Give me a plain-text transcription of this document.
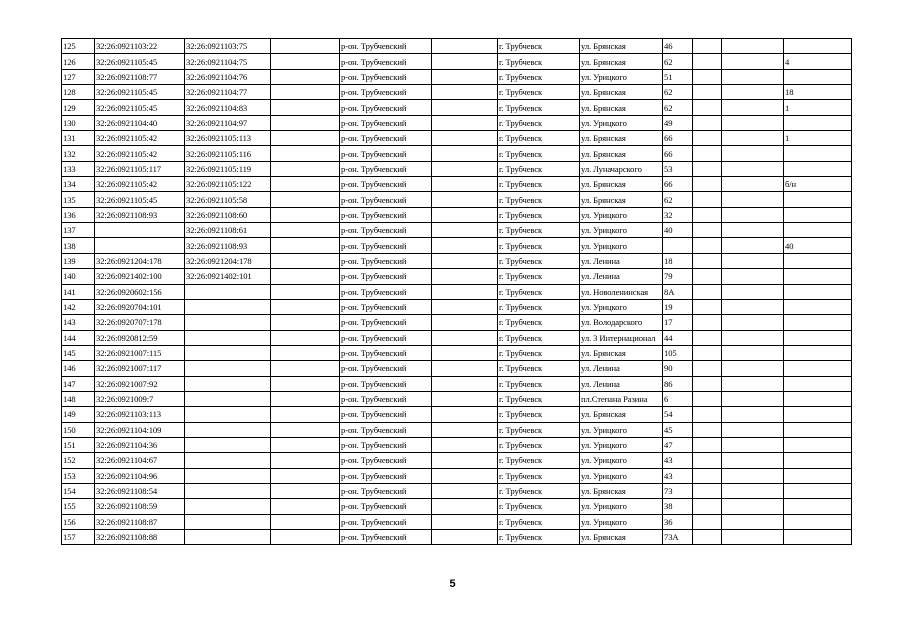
125	32:26:0921103:22	32:26:0921103:75		р-он. Трубчевский		г. Трубчевск	ул. Брянская	46			
126	32:26:0921105:45	32:26:0921104:75		р-он. Трубчевский		г. Трубчевск	ул. Брянская	62			4
127	32:26:0921108:77	32:26:0921104:76		р-он. Трубчевский		г. Трубчевск	ул. Урицкого	51			
128	32:26:0921105:45	32:26:0921104:77		р-он. Трубчевский		г. Трубчевск	ул. Брянская	62			18
129	32:26:0921105:45	32:26:0921104:83		р-он. Трубчевский		г. Трубчевск	ул. Брянская	62			1
130	32:26:0921104:40	32:26:0921104:97		р-он. Трубчевский		г. Трубчевск	ул. Урицкого	49			
131	32:26:0921105:42	32:26:0921105:113		р-он. Трубчевский		г. Трубчевск	ул. Брянская	66			1
132	32:26:0921105:42	32:26:0921105:116		р-он. Трубчевский		г. Трубчевск	ул. Брянская	66			
133	32:26:0921105:117	32:26:0921105:119		р-он. Трубчевский		г. Трубчевск	ул. Луначарского	53			
134	32:26:0921105:42	32:26:0921105:122		р-он. Трубчевский		г. Трубчевск	ул. Брянская	66			б/н
135	32:26:0921105:45	32:26:0921105:58		р-он. Трубчевский		г. Трубчевск	ул. Брянская	62			
136	32:26:0921108:93	32:26:0921108:60		р-он. Трубчевский		г. Трубчевск	ул. Урицкого	32			
137		32:26:0921108:61		р-он. Трубчевский		г. Трубчевск	ул. Урицкого	40			
138		32:26:0921108:93		р-он. Трубчевский		г. Трубчевск	ул. Урицкого				40
139	32:26:0921204:178	32:26:0921204:178		р-он. Трубчевский		г. Трубчевск	ул. Ленина	18			
140	32:26:0921402:100	32:26:0921402:101		р-он. Трубчевский		г. Трубчевск	ул. Ленина	79			
141	32:26:0920602:156			р-он. Трубчевский		г. Трубчевск	ул. Новоленинская	8А			
142	32:26:0920704:101			р-он. Трубчевский		г. Трубчевск	ул. Урицкого	19			
143	32:26:0920707:178			р-он. Трубчевский		г. Трубчевск	ул. Володарского	17			
144	32:26:0920812:59			р-он. Трубчевский		г. Трубчевск	ул. 3 Интернационал	44			
145	32:26:0921007:115			р-он. Трубчевский		г. Трубчевск	ул. Брянская	105			
146	32:26:0921007:117			р-он. Трубчевский		г. Трубчевск	ул. Ленина	90			
147	32:26:0921007:92			р-он. Трубчевский		г. Трубчевск	ул. Ленина	86			
148	32:26:0921009:7			р-он. Трубчевский		г. Трубчевск	пл.Степана Разина	6			
149	32:26:0921103:113			р-он. Трубчевский		г. Трубчевск	ул. Брянская	54			
150	32:26:0921104:109			р-он. Трубчевский		г. Трубчевск	ул. Урицкого	45			
151	32:26:0921104:36			р-он. Трубчевский		г. Трубчевск	ул. Урицкого	47			
152	32:26:0921104:67			р-он. Трубчевский		г. Трубчевск	ул. Урицкого	43			
153	32:26:0921104:96			р-он. Трубчевский		г. Трубчевск	ул. Урицкого	43			
154	32:26:0921108:54			р-он. Трубчевский		г. Трубчевск	ул. Брянская	73			
155	32:26:0921108:59			р-он. Трубчевский		г. Трубчевск	ул. Урицкого	38			
156	32:26:0921108:87			р-он. Трубчевский		г. Трубчевск	ул. Урицкого	36			
157	32:26:0921108:88			р-он. Трубчевский		г. Трубчевск	ул. Брянская	73А			
5
